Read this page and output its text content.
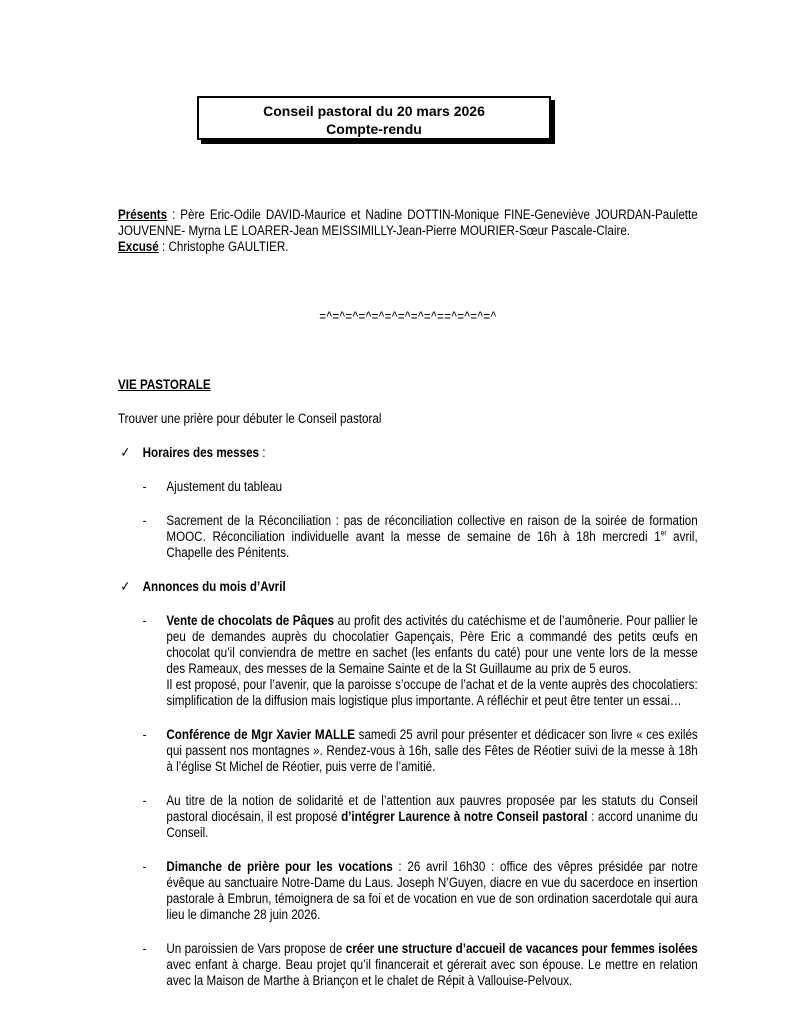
Conseil pastoral du 20 mars 2026
Compte-rendu

Présents : Père Eric-Odile DAVID-Maurice et Nadine DOTTIN-Monique FINE-Geneviève JOURDAN-Paulette JOUVENNE- Myrna LE LOARER-Jean MEISSIMILLY-Jean-Pierre MOURIER-Sœur Pascale-Claire.

Excusé : Christophe GAULTIER.

=^=^=^=^=^=^=^=^=^==^=^=^=^

VIE PASTORALE

Trouver une prière pour débuter le Conseil pastoral

✓ Horaires des messes :

- Ajustement du tableau

- Sacrement de la Réconciliation : pas de réconciliation collective en raison de la soirée de formation MOOC. Réconciliation individuelle avant la messe de semaine de 16h à 18h mercredi 1er avril, Chapelle des Pénitents.

✓ Annonces du mois d’Avril

- Vente de chocolats de Pâques au profit des activités du catéchisme et de l’aumônerie. Pour pallier le peu de demandes auprès du chocolatier Gapençais, Père Eric a commandé des petits œufs en chocolat qu’il conviendra de mettre en sachet (les enfants du caté) pour une vente lors de la messe des Rameaux, des messes de la Semaine Sainte et de la St Guillaume au prix de 5 euros.
Il est proposé, pour l’avenir, que la paroisse s’occupe de l’achat et de la vente auprès des chocolatiers: simplification de la diffusion mais logistique plus importante. A réfléchir et peut être tenter un essai…

- Conférence de Mgr Xavier MALLE samedi 25 avril pour présenter et dédicacer son livre « ces exilés qui passent nos montagnes ». Rendez-vous à 16h, salle des Fêtes de Réotier suivi de la messe à 18h à l’église St Michel de Réotier, puis verre de l’amitié.

- Au titre de la notion de solidarité et de l’attention aux pauvres proposée par les statuts du Conseil pastoral diocésain, il est proposé d’intégrer Laurence à notre Conseil pastoral : accord unanime du Conseil.

- Dimanche de prière pour les vocations : 26 avril 16h30 : office des vêpres présidée par notre évêque au sanctuaire Notre-Dame du Laus. Joseph N’Guyen, diacre en vue du sacerdoce en insertion pastorale à Embrun, témoignera de sa foi et de vocation en vue de son ordination sacerdotale qui aura lieu le dimanche 28 juin 2026.

- Un paroissien de Vars propose de créer une structure d’accueil de vacances pour femmes isolées avec enfant à charge. Beau projet qu’il financerait et gérerait avec son épouse. Le mettre en relation avec la Maison de Marthe à Briançon et le chalet de Répit à Vallouise-Pelvoux.
